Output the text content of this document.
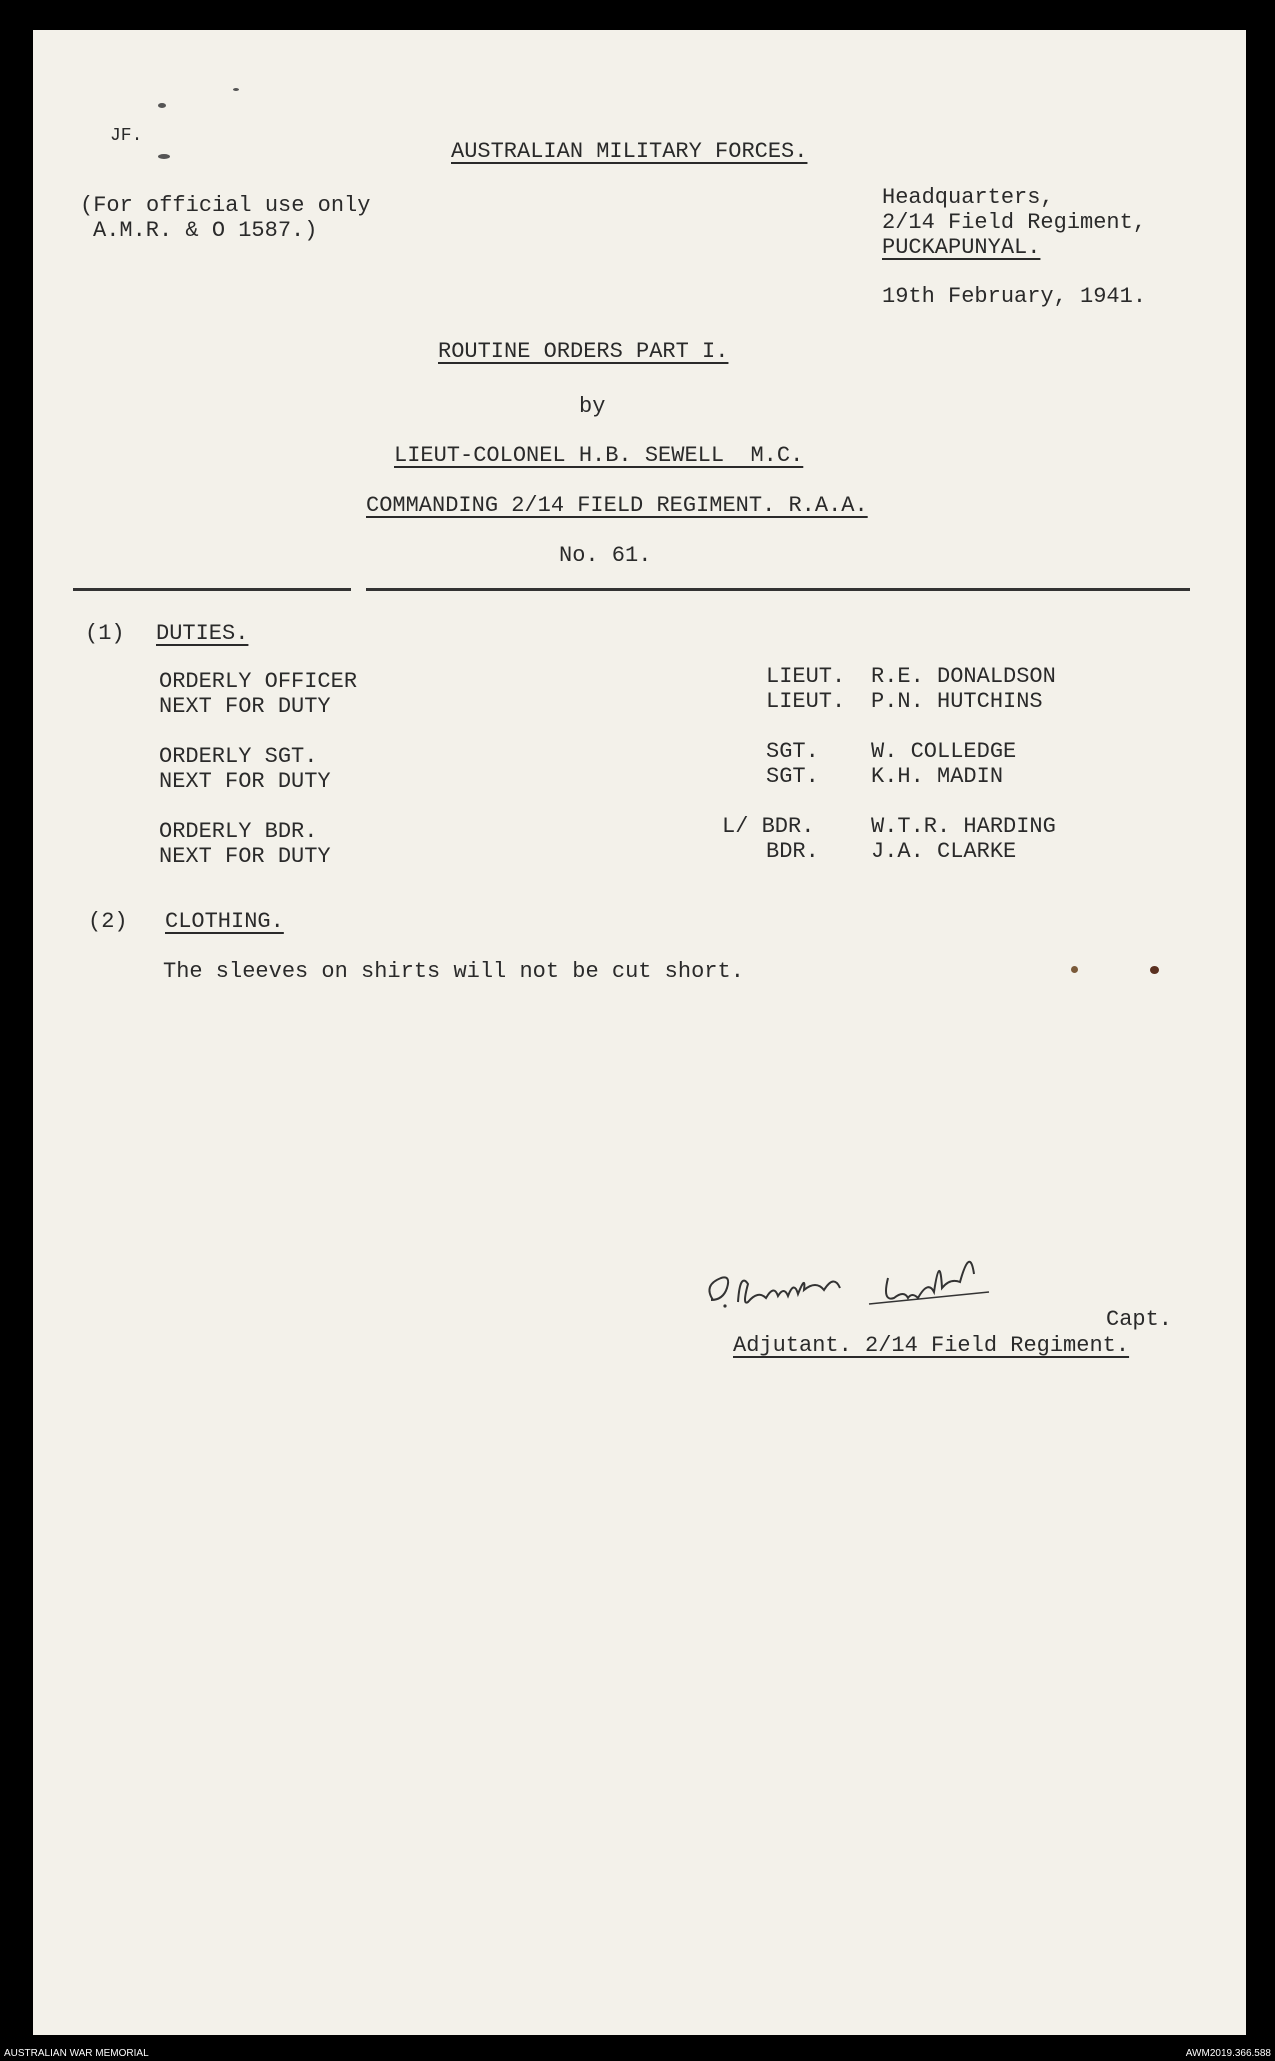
JF.
AUSTRALIAN MILITARY FORCES.
(For official use only
A.M.R. & O 1587.)
Headquarters,
2/14 Field Regiment,
PUCKAPUNYAL.
19th February, 1941.
ROUTINE ORDERS PART I.
by
LIEUT-COLONEL H.B. SEWELL  M.C.
COMMANDING 2/14 FIELD REGIMENT. R.A.A.
No. 61.
(1) DUTIES.
ORDERLY OFFICER	LIEUT. R.E. DONALDSON
NEXT FOR DUTY	LIEUT. P.N. HUTCHINS
ORDERLY SGT.	SGT. W. COLLEDGE
NEXT FOR DUTY	SGT. K.H. MADIN
ORDERLY BDR.	L/ BDR.	W.T.R. HARDING
NEXT FOR DUTY	BDR. J.A. CLARKE
(2) CLOTHING.
The sleeves on shirts will not be cut short.
Capt.
Adjutant. 2/14 Field Regiment.
AUSTRALIAN WAR MEMORIAL	AWM2019.366.588
